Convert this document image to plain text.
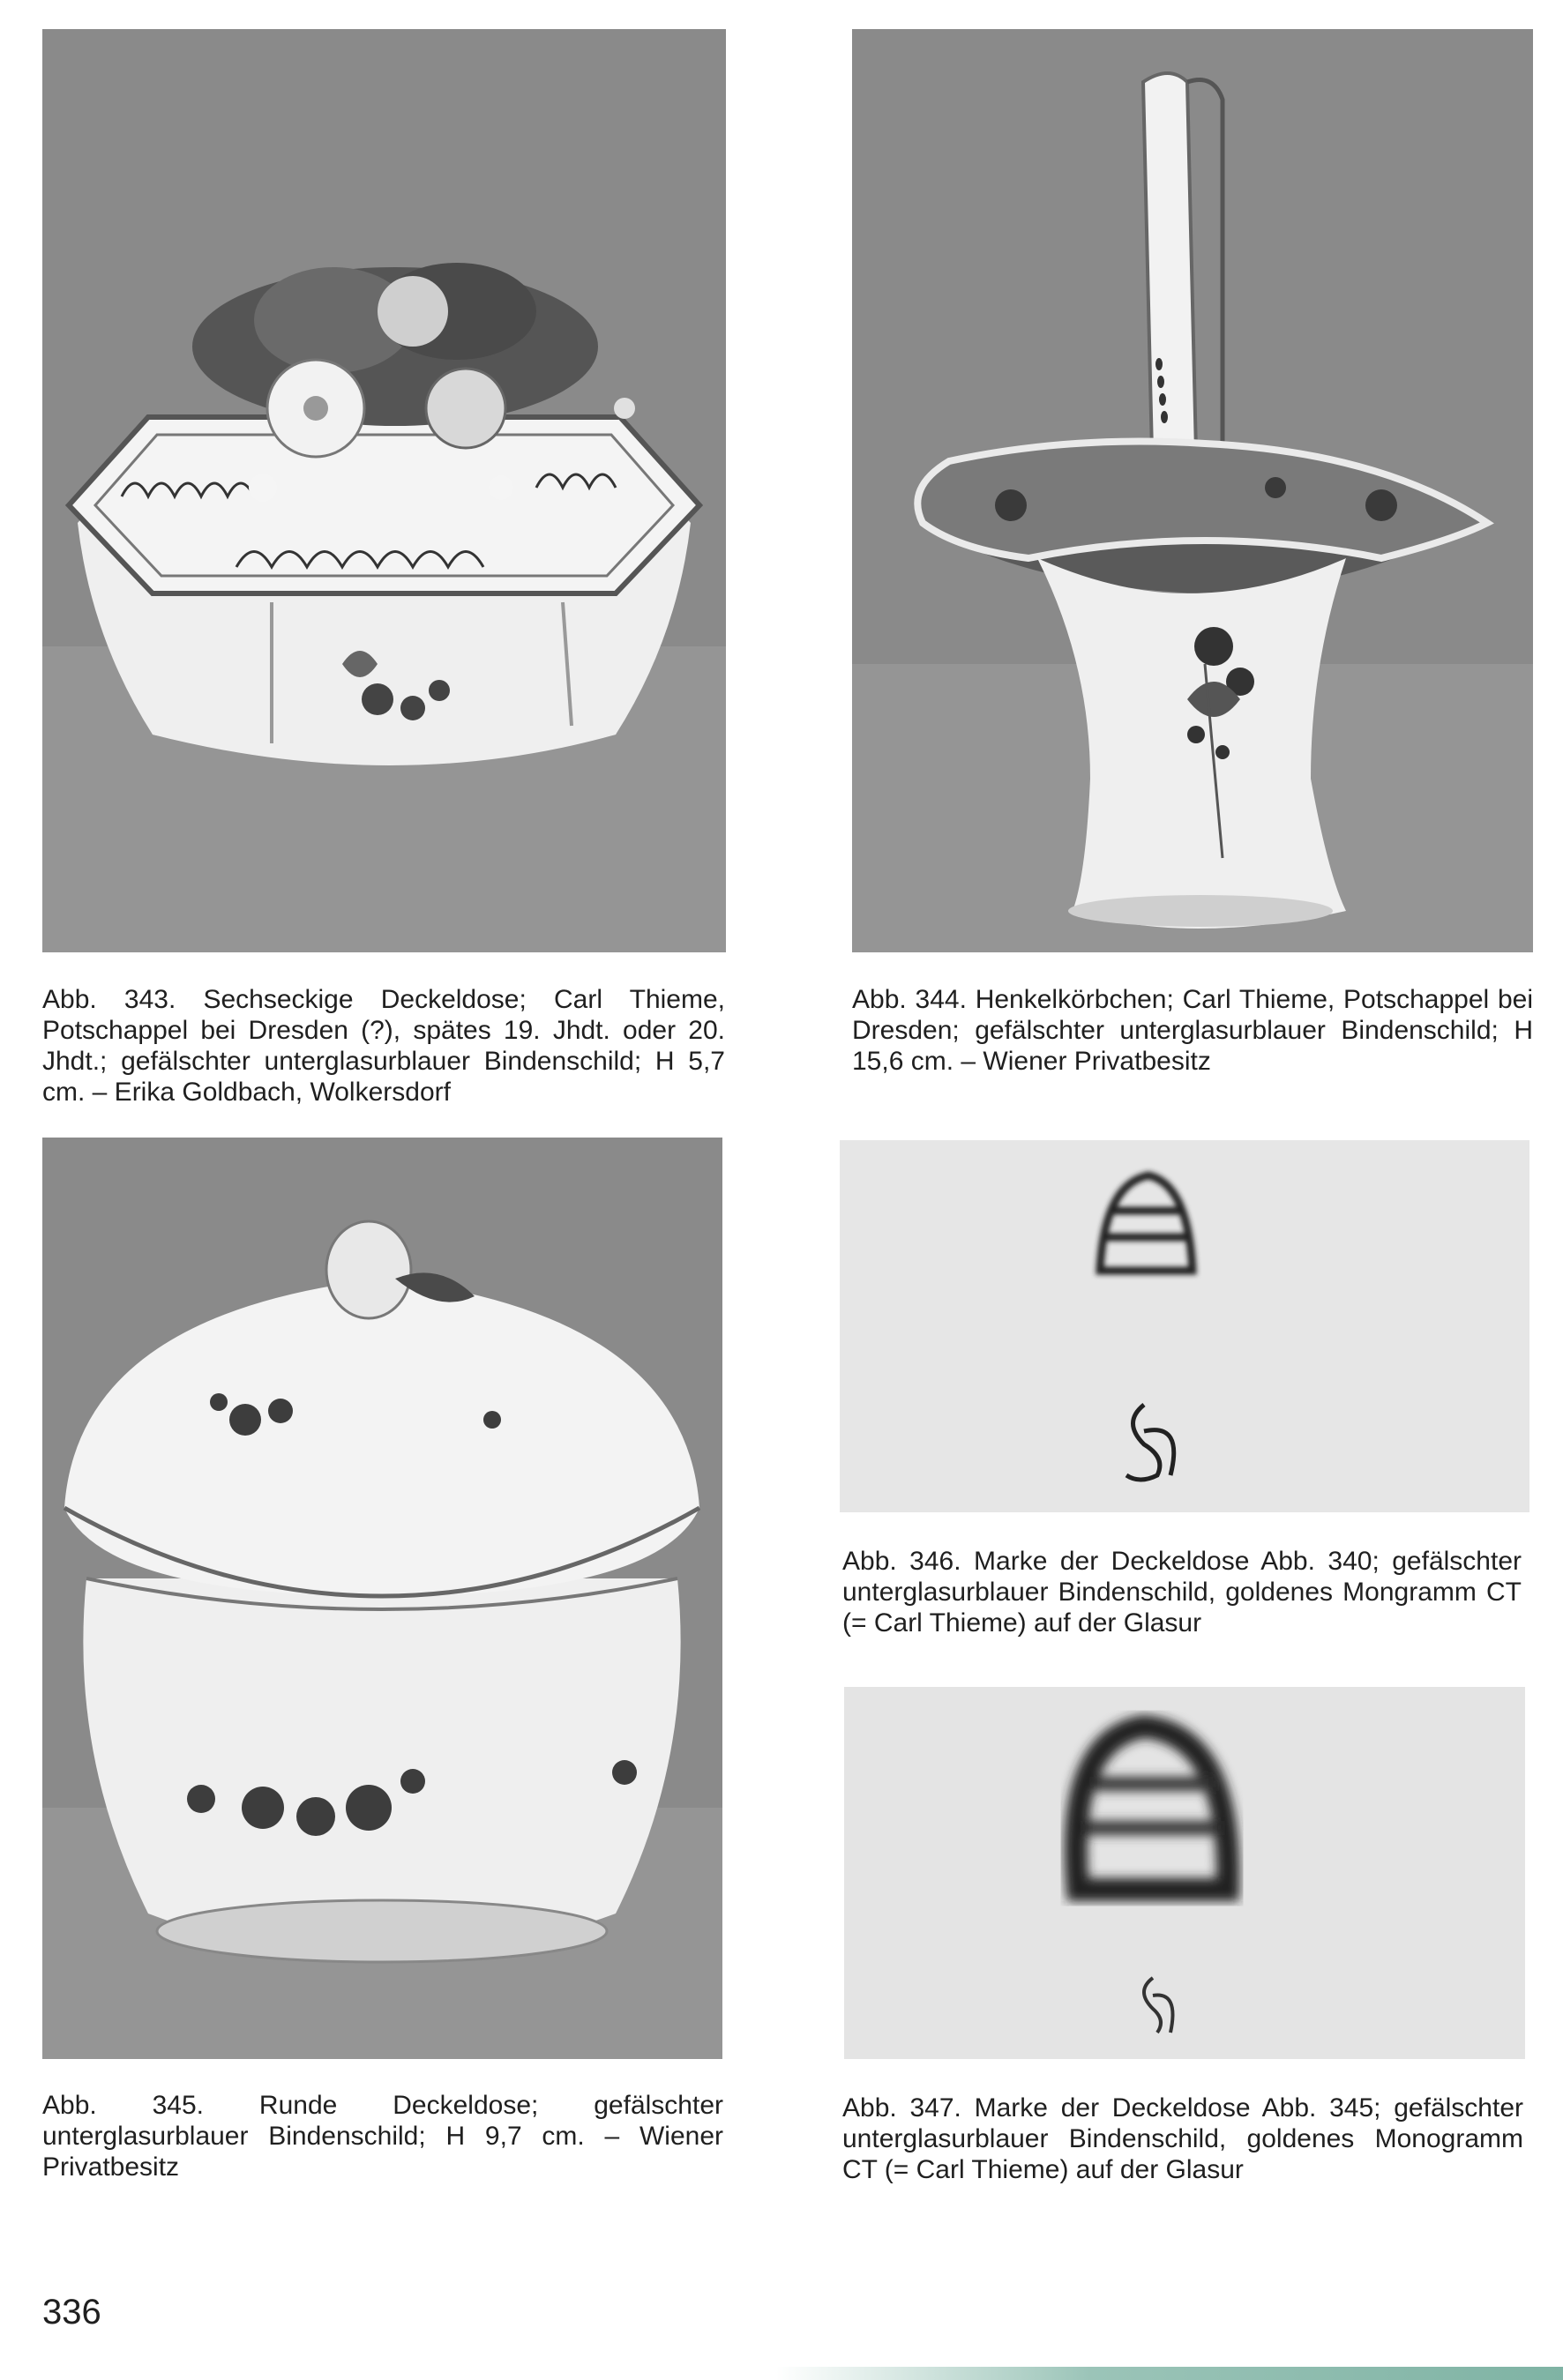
Abb. 343. Sechseckige Deckeldose; Carl Thieme, Potschappel bei Dresden (?), spätes 19. Jhdt. oder 20. Jhdt.; gefälschter unterglasurblauer Bindenschild; H 5,7 cm. – Erika Goldbach, Wolkersdorf
Abb. 344. Henkelkörbchen; Carl Thieme, Potschappel bei Dresden; gefälschter unterglasurblauer Bindenschild; H 15,6 cm. – Wiener Privatbesitz
Abb. 345. Runde Deckeldose; gefälschter unterglasurblauer Bindenschild; H 9,7 cm. – Wiener Privatbesitz
Abb. 346. Marke der Deckeldose Abb. 340; gefälschter unterglasurblauer Bindenschild, goldenes Mongramm CT (= Carl Thieme) auf der Glasur
Abb. 347. Marke der Deckeldose Abb. 345; gefälschter unterglasurblauer Bindenschild, goldenes Monogramm CT (= Carl Thieme) auf der Glasur
336
